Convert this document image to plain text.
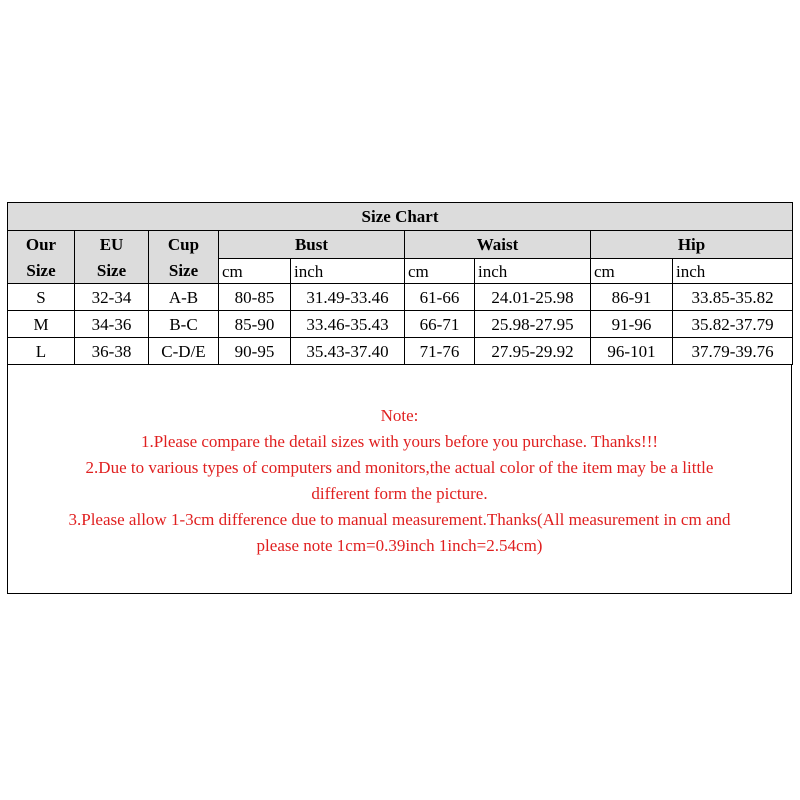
Size Chart								
Our	EU	Cup	Bust		Waist		Hip	
Size	Size	Size	cm	inch	cm	inch	cm	inch
S	32-34	A-B	80-85	31.49-33.46	61-66	24.01-25.98	86-91	33.85-35.82
M	34-36	B-C	85-90	33.46-35.43	66-71	25.98-27.95	91-96	35.82-37.79
L	36-38	C-D/E	90-95	35.43-37.40	71-76	27.95-29.92	96-101	37.79-39.76
Note:
1.Please compare the detail sizes with yours before you purchase. Thanks!!!
2.Due to various types of computers and monitors,the actual color of the item may be a little
different form the picture.
3.Please allow 1-3cm difference due to manual measurement.Thanks(All measurement in cm and
please note 1cm=0.39inch 1inch=2.54cm)
